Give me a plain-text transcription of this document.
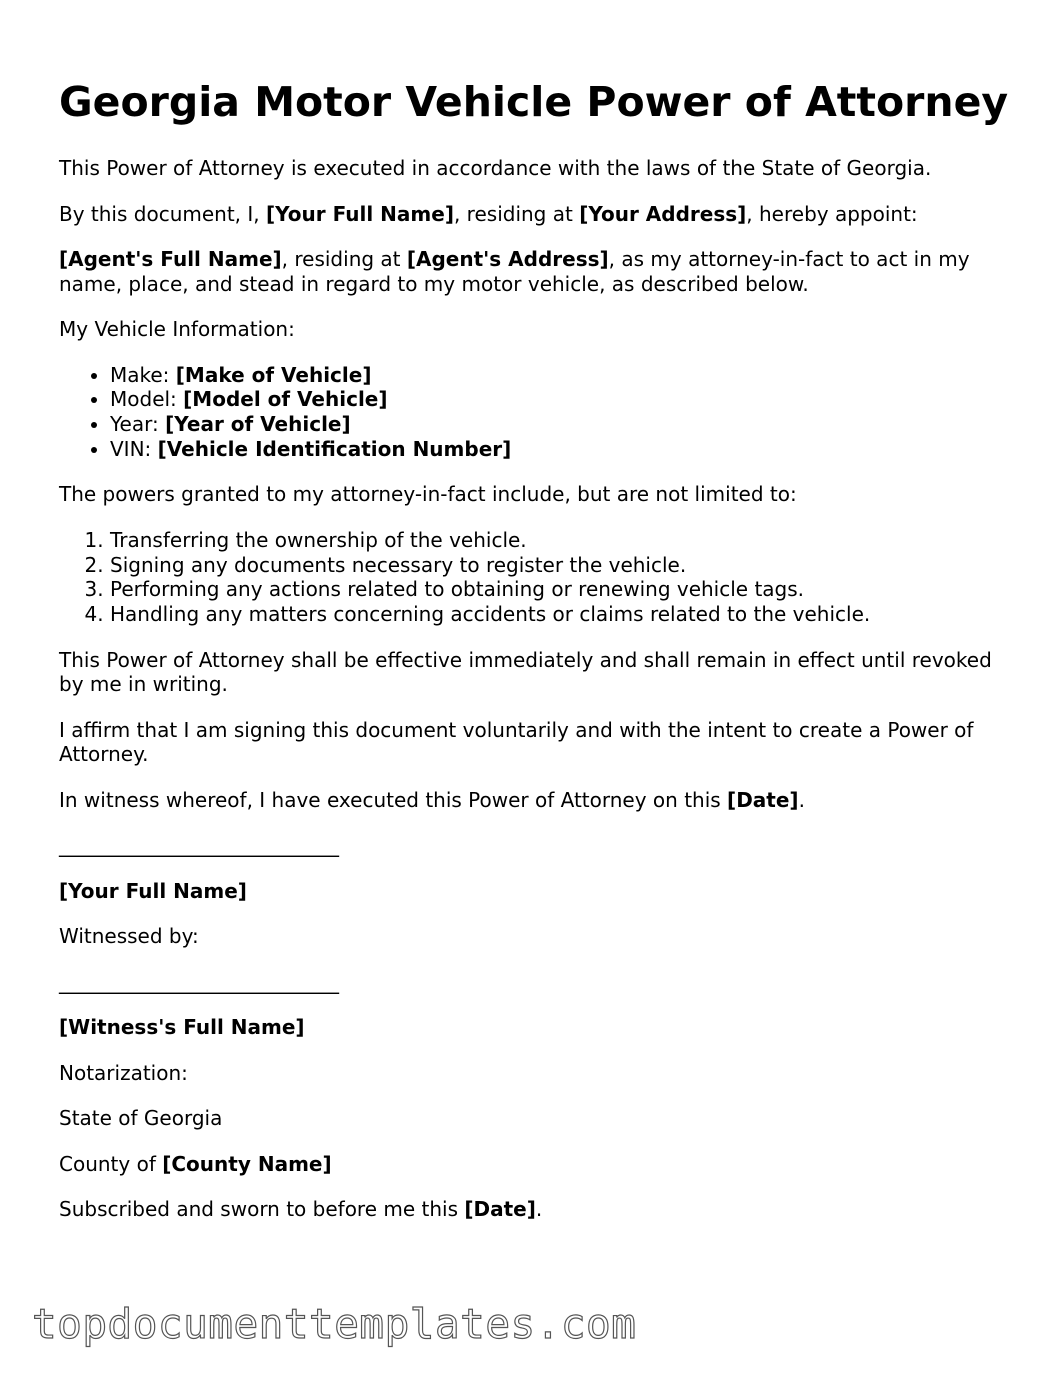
Georgia Motor Vehicle Power of Attorney

This Power of Attorney is executed in accordance with the laws of the State of Georgia.

By this document, I, [Your Full Name], residing at [Your Address], hereby appoint:

[Agent's Full Name], residing at [Agent's Address], as my attorney-in-fact to act in my name, place, and stead in regard to my motor vehicle, as described below.

My Vehicle Information:

• Make: [Make of Vehicle]
• Model: [Model of Vehicle]
• Year: [Year of Vehicle]
• VIN: [Vehicle Identification Number]

The powers granted to my attorney-in-fact include, but are not limited to:

1. Transferring the ownership of the vehicle.
2. Signing any documents necessary to register the vehicle.
3. Performing any actions related to obtaining or renewing vehicle tags.
4. Handling any matters concerning accidents or claims related to the vehicle.

This Power of Attorney shall be effective immediately and shall remain in effect until revoked by me in writing.

I affirm that I am signing this document voluntarily and with the intent to create a Power of Attorney.

In witness whereof, I have executed this Power of Attorney on this [Date].

____________________________

[Your Full Name]

Witnessed by:

____________________________

[Witness's Full Name]

Notarization:

State of Georgia

County of [County Name]

Subscribed and sworn to before me this [Date].

topdocumenttemplates.com
